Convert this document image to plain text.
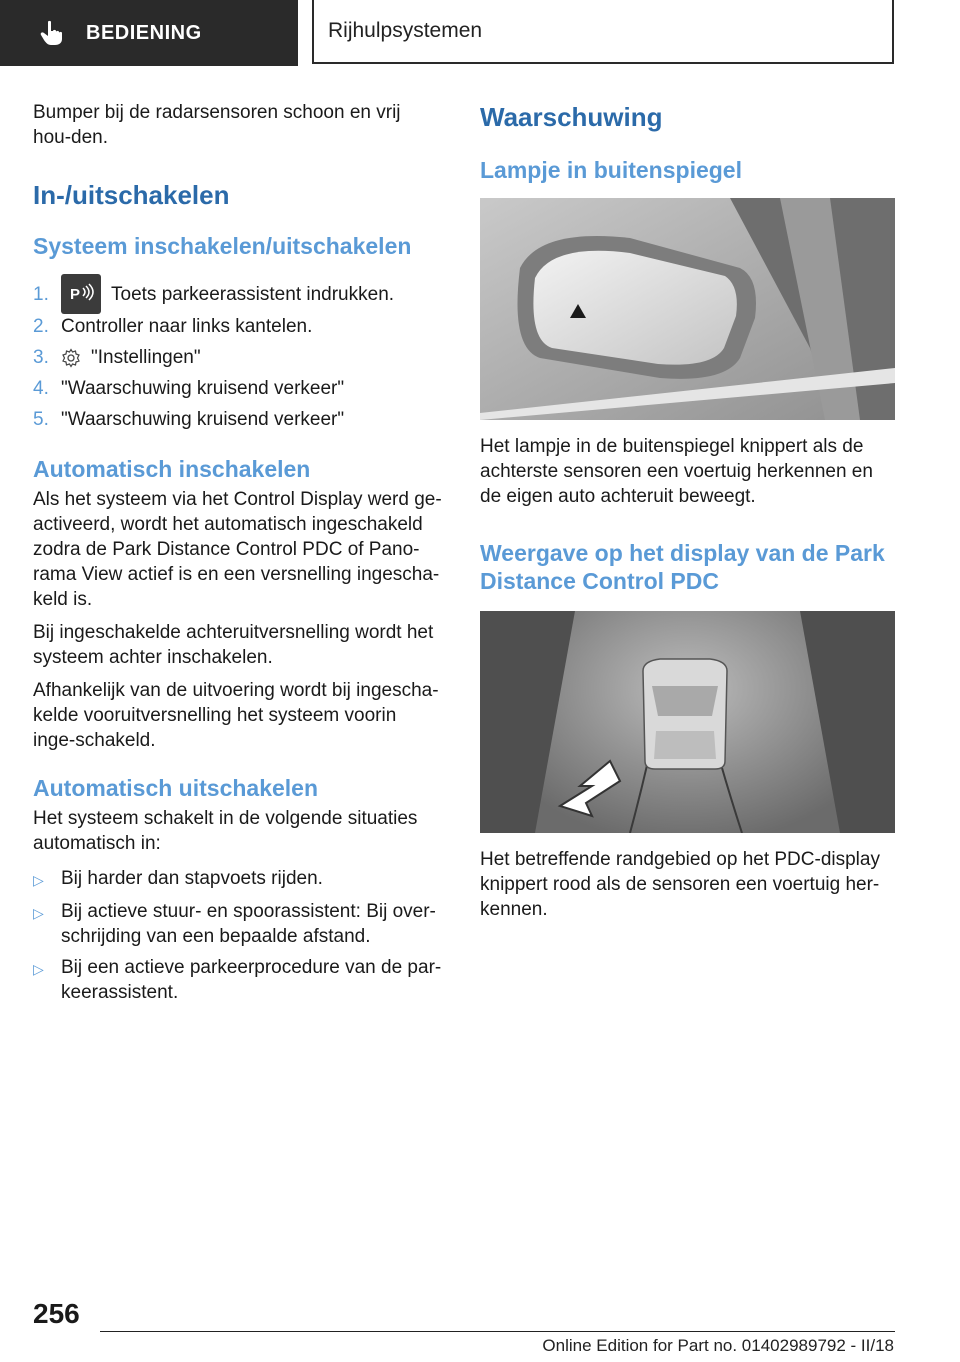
BEDIENING	Rijhulpsystemen

Bumper bij de radarsensoren schoon en vrij hou-den.

In-/uitschakelen
Systeem inschakelen/uitschakelen
1.	P Toets parkeerassistent indrukken.
2. Controller naar links kantelen.
3.	"Instellingen"
4. "Waarschuwing kruisend verkeer"
5. "Waarschuwing kruisend verkeer"
Automatisch inschakelen

Als het systeem via het Control Display werd ge-activeerd, wordt het automatisch ingeschakeld zodra de Park Distance Control PDC of Pano-rama View actief is en een versnelling ingescha-keld is.

Bij ingeschakelde achteruitversnelling wordt het systeem achter inschakelen.

Afhankelijk van de uitvoering wordt bij ingescha-kelde vooruitversnelling het systeem voorin inge-schakeld.

Automatisch uitschakelen

Het systeem schakelt in de volgende situaties automatisch in:

▷ Bij harder dan stapvoets rijden.
▷ Bij actieve stuur- en spoorassistent: Bij over-schrijding van een bepaalde afstand.
▷ Bij een actieve parkeerprocedure van de par-keerassistent.
Waarschuwing
Lampje in buitenspiegel

Het lampje in de buitenspiegel knippert als de achterste sensoren een voertuig herkennen en de eigen auto achteruit beweegt.

Weergave op het display van de Park Distance Control PDC

Het betreffende randgebied op het PDC-display knippert rood als de sensoren een voertuig her-kennen.

256
Online Edition for Part no. 01402989792 - II/18
